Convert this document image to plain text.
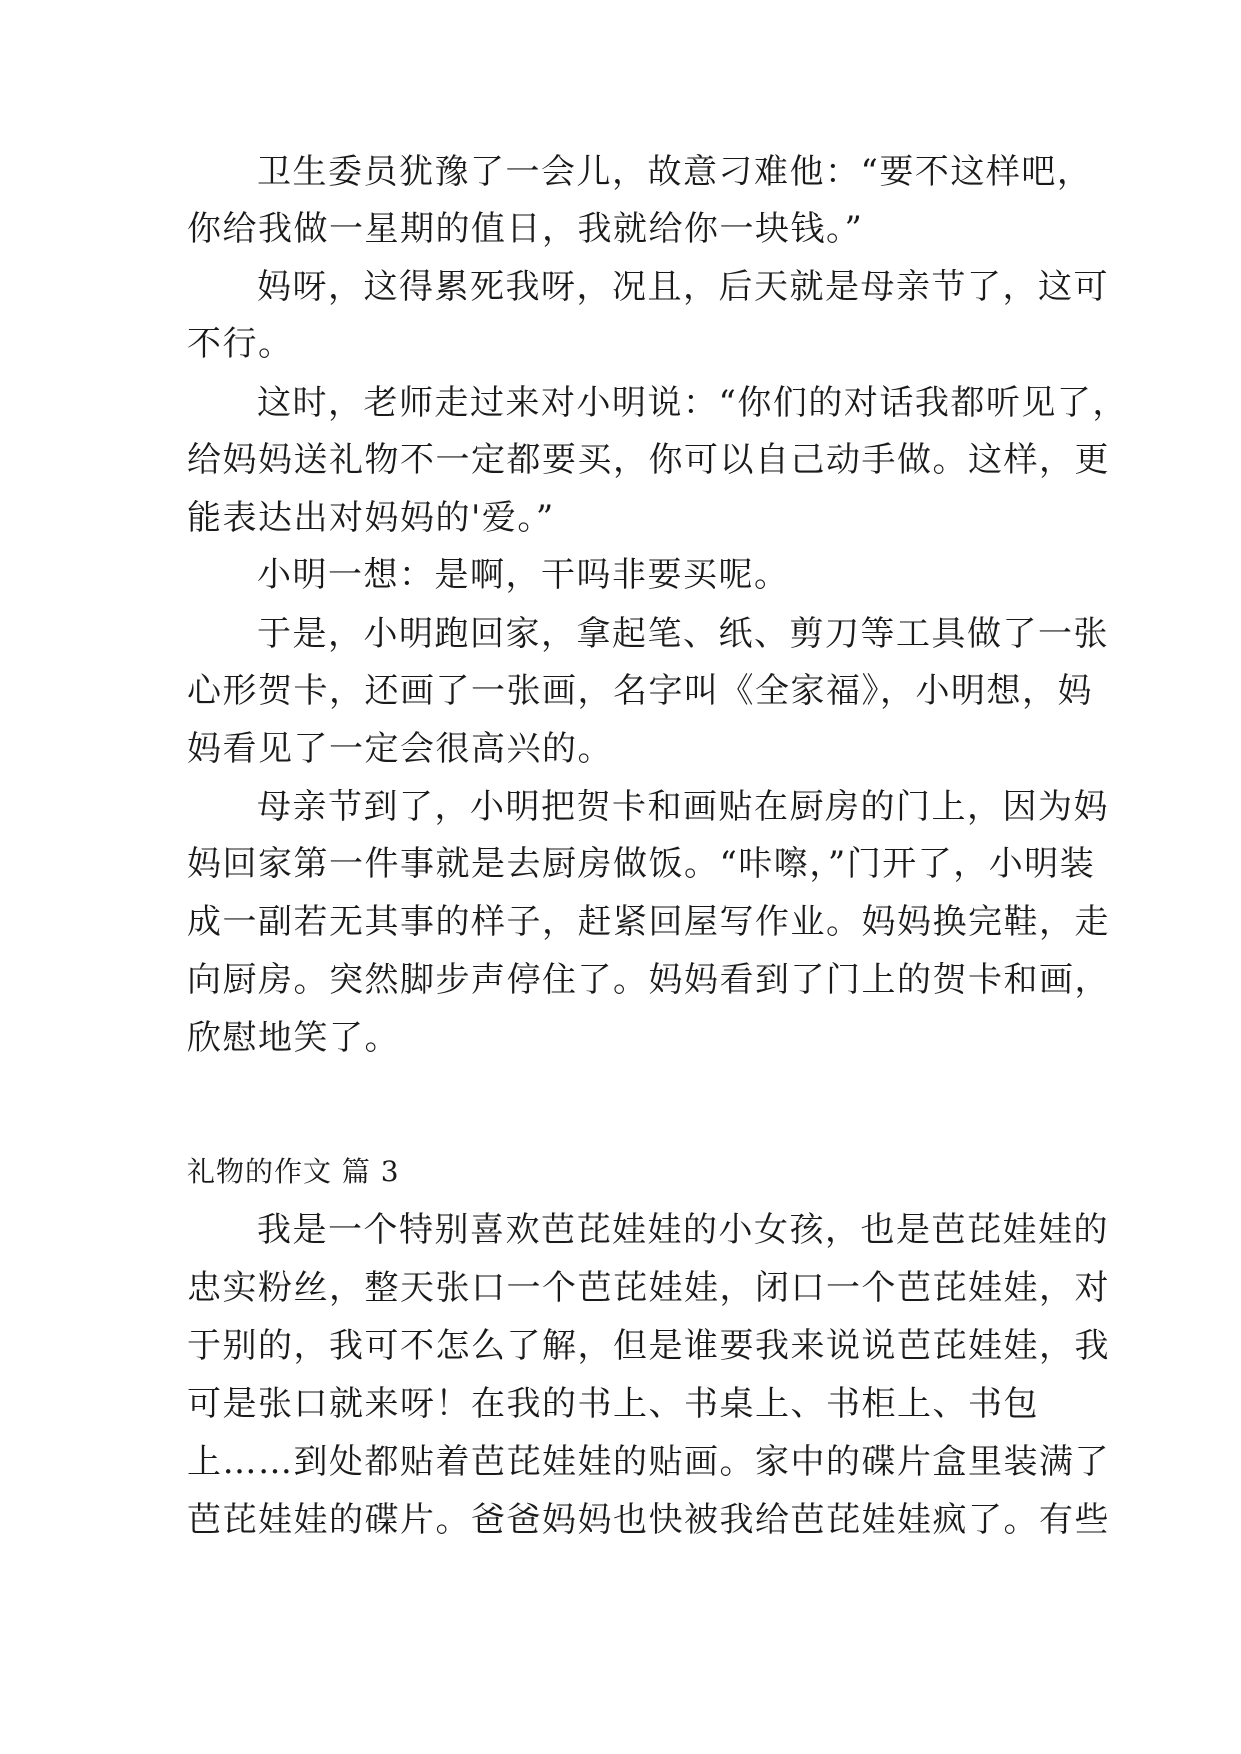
卫生委员犹豫了一会儿，故意刁难他：“要不这样吧，
你给我做一星期的值日，我就给你一块钱。”
妈呀，这得累死我呀，况且，后天就是母亲节了，这可
不行。
这时，老师走过来对小明说：“你们的对话我都听见了，
给妈妈送礼物不一定都要买，你可以自己动手做。这样，更
能表达出对妈妈的'爱。”
小明一想：是啊，干吗非要买呢。
于是，小明跑回家，拿起笔、纸、剪刀等工具做了一张
心形贺卡，还画了一张画，名字叫《全家福》，小明想，妈
妈看见了一定会很高兴的。
母亲节到了，小明把贺卡和画贴在厨房的门上，因为妈
妈回家第一件事就是去厨房做饭。“咔嚓，”门开了，小明装
成一副若无其事的样子，赶紧回屋写作业。妈妈换完鞋，走
向厨房。突然脚步声停住了。妈妈看到了门上的贺卡和画，
欣慰地笑了。
礼物的作文 篇 3
我是一个特别喜欢芭芘娃娃的小女孩，也是芭芘娃娃的
忠实粉丝，整天张口一个芭芘娃娃，闭口一个芭芘娃娃，对
于别的，我可不怎么了解，但是谁要我来说说芭芘娃娃，我
可是张口就来呀！在我的书上、书桌上、书柜上、书包
上……到处都贴着芭芘娃娃的贴画。家中的碟片盒里装满了
芭芘娃娃的碟片。爸爸妈妈也快被我给芭芘娃娃疯了。有些
